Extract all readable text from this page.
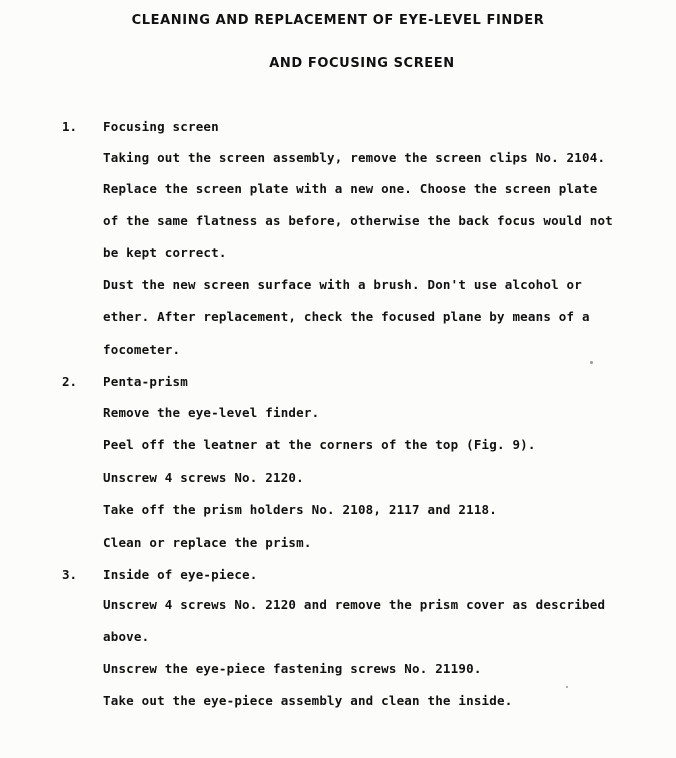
CLEANING AND REPLACEMENT OF EYE-LEVEL FINDER
AND FOCUSING SCREEN
1. Focusing screen
Taking out the screen assembly, remove the screen clips No. 2104.
Replace the screen plate with a new one. Choose the screen plate
of the same flatness as before, otherwise the back focus would not
be kept correct.
Dust the new screen surface with a brush. Don't use alcohol or
ether. After replacement, check the focused plane by means of a
focometer.
2. Penta-prism
Remove the eye-level finder.
Peel off the leatner at the corners of the top (Fig. 9).
Unscrew 4 screws No. 2120.
Take off the prism holders No. 2108, 2117 and 2118.
Clean or replace the prism.
3. Inside of eye-piece.
Unscrew 4 screws No. 2120 and remove the prism cover as described
above.
Unscrew the eye-piece fastening screws No. 21190.
Take out the eye-piece assembly and clean the inside.
